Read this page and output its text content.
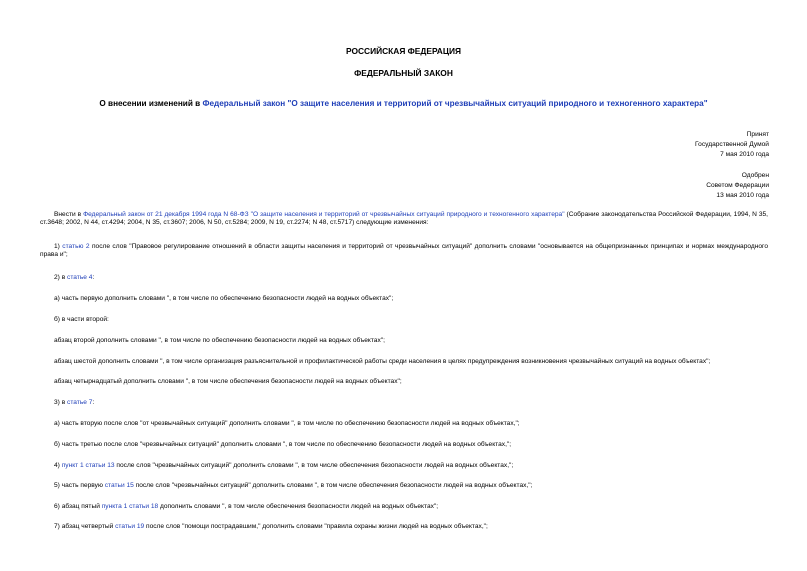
РОССИЙСКАЯ ФЕДЕРАЦИЯ
ФЕДЕРАЛЬНЫЙ ЗАКОН
О внесении изменений в Федеральный закон "О защите населения и территорий от чрезвычайных ситуаций природного и техногенного характера"
Принят
Государственной Думой
7 мая 2010 года
Одобрен
Советом Федерации
13 мая 2010 года
Внести в Федеральный закон от 21 декабря 1994 года N 68-ФЗ "О защите населения и территорий от чрезвычайных ситуаций природного и техногенного характера" (Собрание законодательства Российской Федерации, 1994, N 35, ст.3648; 2002, N 44, ст.4294; 2004, N 35, ст.3607; 2006, N 50, ст.5284; 2009, N 19, ст.2274; N 48, ст.5717) следующие изменения:
1) статью 2 после слов "Правовое регулирование отношений в области защиты населения и территорий от чрезвычайных ситуаций" дополнить словами "основывается на общепризнанных принципах и нормах международного права и";
2) в статье 4:
а) часть первую дополнить словами ", в том числе по обеспечению безопасности людей на водных объектах";
б) в части второй:
абзац второй дополнить словами ", в том числе по обеспечению безопасности людей на водных объектах";
абзац шестой дополнить словами ", в том числе организация разъяснительной и профилактической работы среди населения в целях предупреждения возникновения чрезвычайных ситуаций на водных объектах";
абзац четырнадцатый дополнить словами ", в том числе обеспечения безопасности людей на водных объектах";
3) в статье 7:
а) часть вторую после слов "от чрезвычайных ситуаций" дополнить словами ", в том числе по обеспечению безопасности людей на водных объектах,";
б) часть третью после слов "чрезвычайных ситуаций" дополнить словами ", в том числе по обеспечению безопасности людей на водных объектах,";
4) пункт 1 статьи 13 после слов "чрезвычайных ситуаций" дополнить словами ", в том числе обеспечения безопасности людей на водных объектах,";
5) часть первую статьи 15 после слов "чрезвычайных ситуаций" дополнить словами ", в том числе обеспечения безопасности людей на водных объектах,";
6) абзац пятый пункта 1 статьи 18 дополнить словами ", в том числе обеспечения безопасности людей на водных объектах";
7) абзац четвертый статьи 19 после слов "помощи пострадавшим," дополнить словами "правила охраны жизни людей на водных объектах,";
